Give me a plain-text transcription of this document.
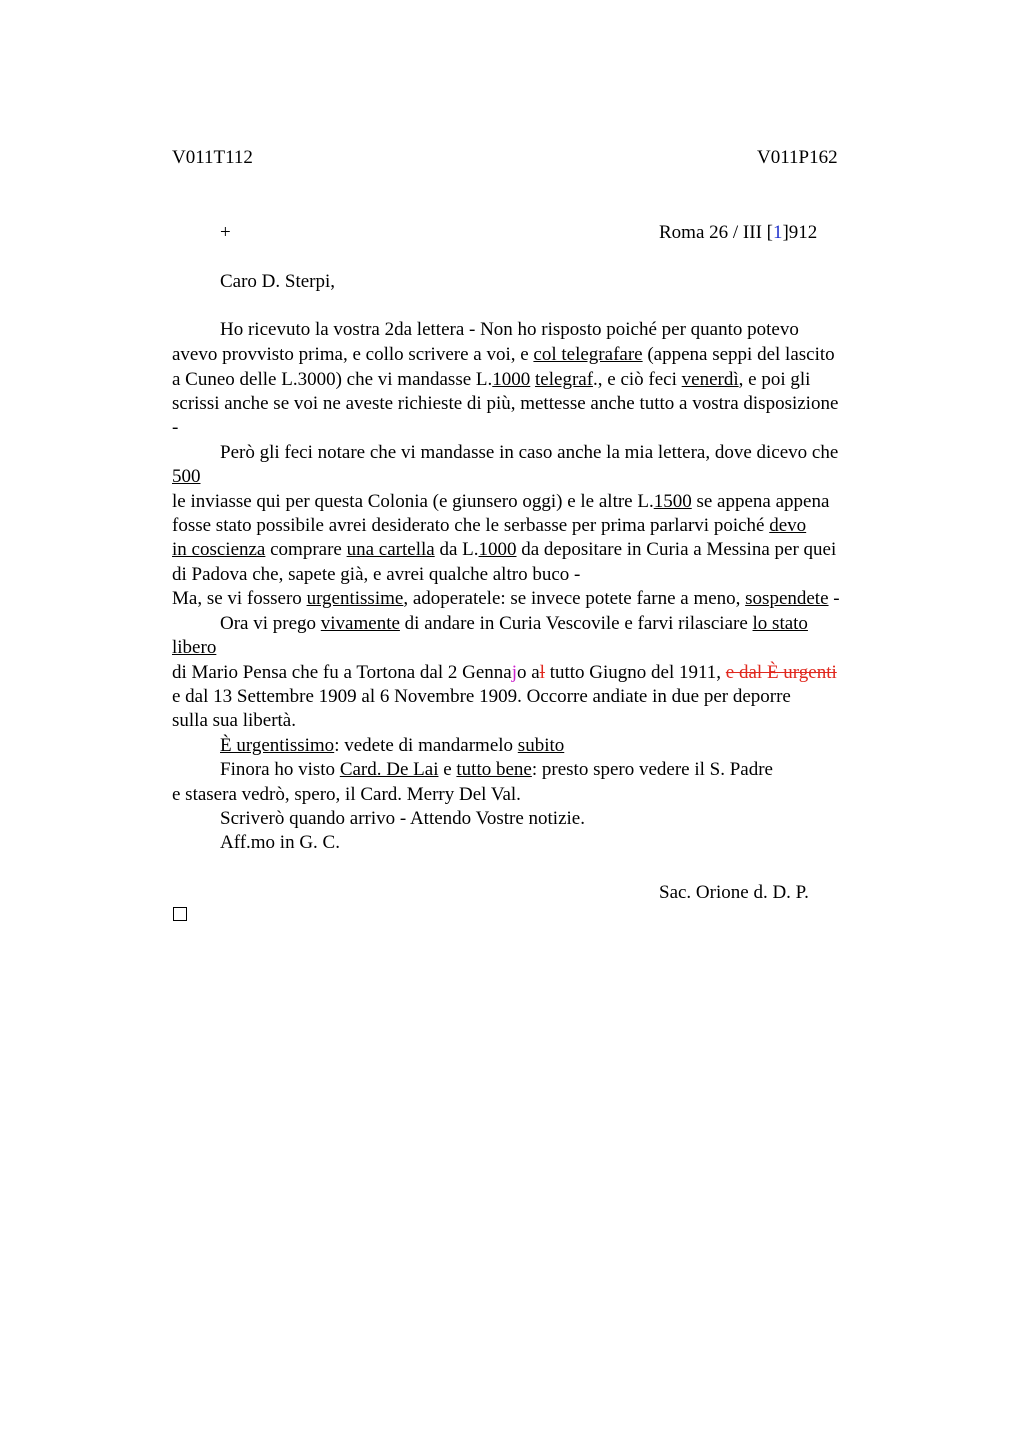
V011T112	V011P162
+	Roma 26 / III [1]912
Caro D. Sterpi,
Ho ricevuto la vostra 2da lettera - Non ho risposto poiché per quanto potevo
avevo provvisto prima, e collo scrivere a voi, e col telegrafare (appena seppi del lascito
a Cuneo delle L.3000) che vi mandasse L.1000 telegraf., e ciò feci venerdì, e poi gli
scrissi anche se voi ne aveste richieste di più, mettesse anche tutto a vostra disposizione
-
Però gli feci notare che vi mandasse in caso anche la mia lettera, dove dicevo che
500
le inviasse qui per questa Colonia (e giunsero oggi) e le altre L.1500 se appena appena
fosse stato possibile avrei desiderato che le serbasse per prima parlarvi poiché devo
in coscienza comprare una cartella da L.1000 da depositare in Curia a Messina per quei
di Padova che, sapete già, e avrei qualche altro buco -
Ma, se vi fossero urgentissime, adoperatele: se invece potete farne a meno, sospendete -
Ora vi prego vivamente di andare in Curia Vescovile e farvi rilasciare lo stato
libero
di Mario Pensa che fu a Tortona dal 2 Gennajo al tutto Giugno del 1911, e dal È urgenti
e dal 13 Settembre 1909 al 6 Novembre 1909. Occorre andiate in due per deporre
sulla sua libertà.
È urgentissimo: vedete di mandarmelo subito
Finora ho visto Card. De Lai e tutto bene: presto spero vedere il S. Padre
e stasera vedrò, spero, il Card. Merry Del Val.
Scriverò quando arrivo - Attendo Vostre notizie.
Aff.mo in G. C.
Sac. Orione d. D. P.
